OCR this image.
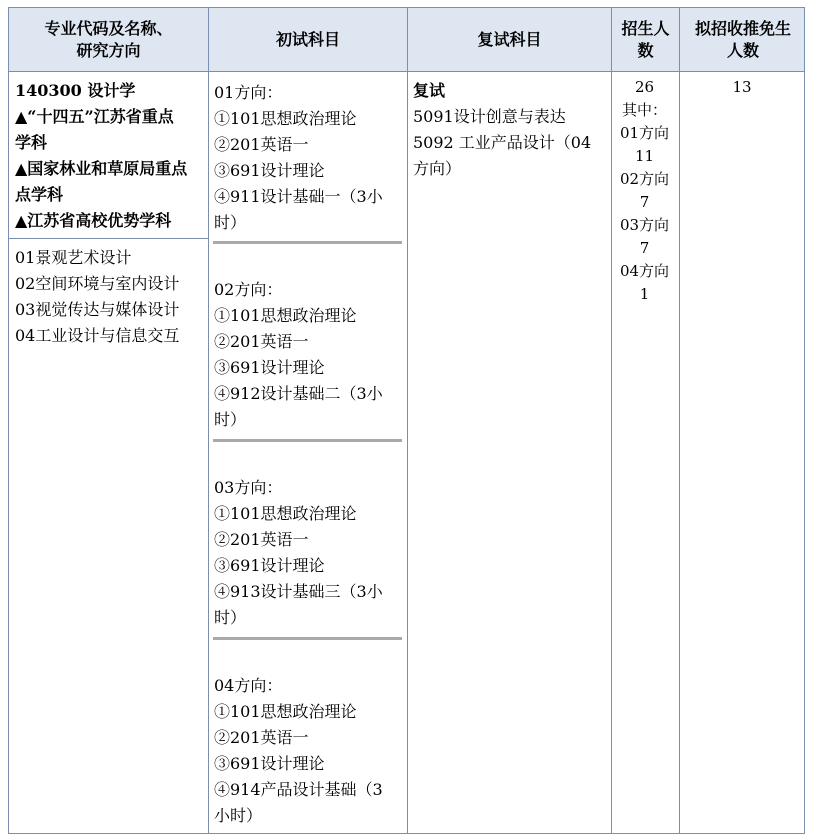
专业代码及名称、
研究方向
初试科目	复试科目
招生人
数
拟招收推免生
人数
140300 设计学
▲“十四五”江苏省重点
学科
▲国家林业和草原局重点
点学科
▲江苏省高校优势学科
01景观艺术设计
02空间环境与室内设计
03视觉传达与媒体设计
04工业设计与信息交互
01方向：
①101思想政治理论
②201英语一
③691设计理论
④911设计基础一（3小
时）
02方向：
①101思想政治理论
②201英语一
③691设计理论
④912设计基础二（3小
时）
03方向：
①101思想政治理论
②201英语一
③691设计理论
④913设计基础三（3小
时）
04方向：
①101思想政治理论
②201英语一
③691设计理论
④914产品设计基础（3
小时）
复试
5091设计创意与表达
5092 工业产品设计（04
方向）
26
其中：
01方向
11
02方向
7
03方向
7
04方向
1
13
